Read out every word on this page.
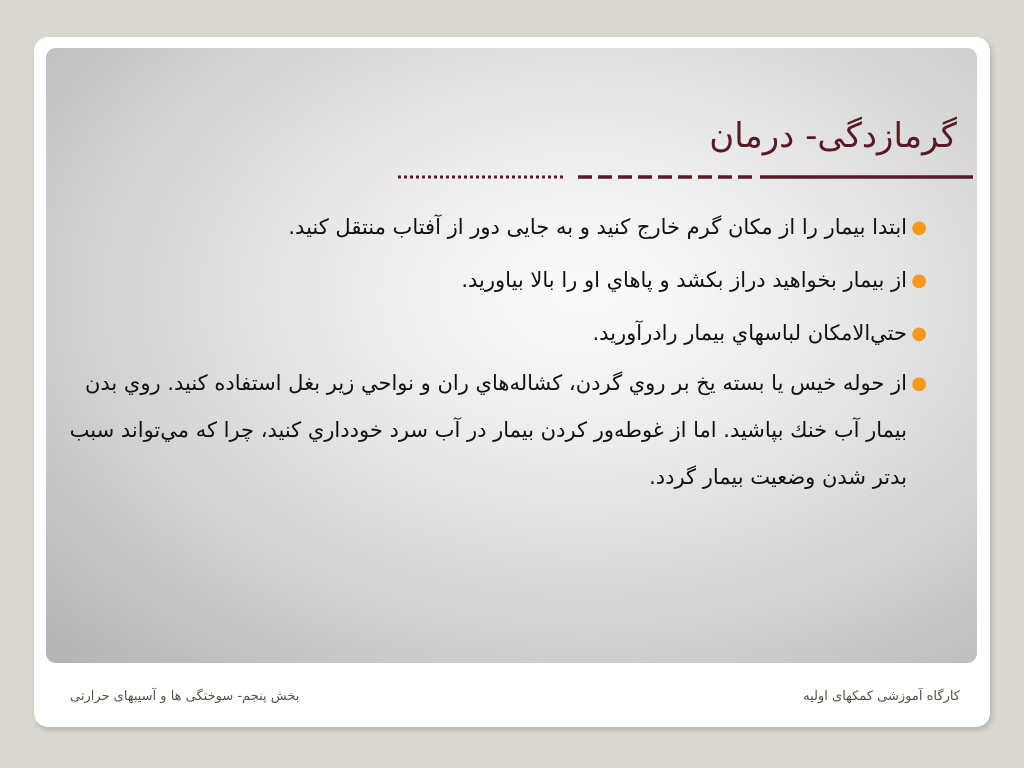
گرمازدگی- درمان
●
ابتدا بیمار را از مکان گرم خارج کنید و به جایی دور از آفتاب منتقل کنید.
●
از بیمار بخواهید دراز بکشد و پاهاي او را بالا بیاورید.
●
حتي‌الامکان لباسهاي بیمار رادرآورید.
●
از حوله خیس یا بسته یخ بر روي گردن، کشاله‌هاي ران و نواحي زیر بغل استفاده کنید. روي بدن بیمار آب خنك بپاشید. اما از غوطه‌ور کردن بیمار در آب سرد خودداري کنید، چرا که مي‌تواند سبب بدتر شدن وضعیت بیمار گردد.
بخش پنجم- سوختگی ها و آسیبهای حرارتی	کارگاه آموزشی کمکهای اولیه
